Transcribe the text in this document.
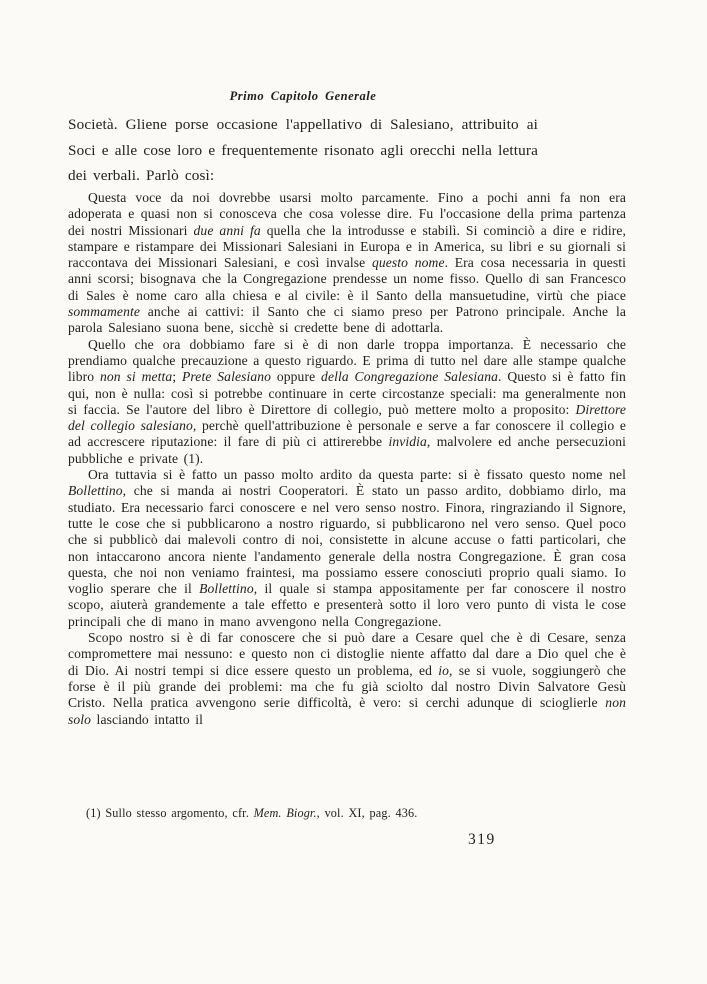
Primo Capitolo Generale
Società. Gliene porse occasione l'appellativo di Salesiano, attribuito ai Soci e alle cose loro e frequentemente risonato agli orecchi nella lettura dei verbali. Parlò così:

Questa voce da noi dovrebbe usarsi molto parcamente. Fino a pochi anni fa non era adoperata e quasi non si conosceva che cosa volesse dire. Fu l'occasione della prima partenza dei nostri Missionari due anni fa quella che la introdusse e stabilì. Si cominciò a dire e ridire, stampare e ristampare dei Missionari Salesiani in Europa e in America, su libri e su giornali si raccontava dei Missionari Salesiani, e così invalse questo nome. Era cosa necessaria in questi anni scorsi; bisognava che la Congregazione prendesse un nome fisso. Quello di san Francesco di Sales è nome caro alla chiesa e al civile: è il Santo della mansuetudine, virtù che piace sommamente anche ai cattivi: il Santo che ci siamo preso per Patrono principale. Anche la parola Salesiano suona bene, sicchè si credette bene di adottarla.

Quello che ora dobbiamo fare si è di non darle troppa importanza. È necessario che prendiamo qualche precauzione a questo riguardo. E prima di tutto nel dare alle stampe qualche libro non si metta; Prete Salesiano oppure della Congregazione Salesiana. Questo si è fatto fin qui, non è nulla: così si potrebbe continuare in certe circostanze speciali: ma generalmente non si faccia. Se l'autore del libro è Direttore di collegio, può mettere molto a proposito: Direttore del collegio salesiano, perchè quell'attribuzione è personale e serve a far conoscere il collegio e ad accrescere riputazione: il fare di più ci attirerebbe invidia, malvolere ed anche persecuzioni pubbliche e private (1).

Ora tuttavia si è fatto un passo molto ardito da questa parte: si è fissato questo nome nel Bollettino, che si manda ai nostri Cooperatori. È stato un passo ardito, dobbiamo dirlo, ma studiato. Era necessario farci conoscere e nel vero senso nostro. Finora, ringraziando il Signore, tutte le cose che si pubblicarono a nostro riguardo, si pubblicarono nel vero senso. Quel poco che si pubblicò dai malevoli contro di noi, consistette in alcune accuse o fatti particolari, che non intaccarono ancora niente l'andamento generale della nostra Congregazione. È gran cosa questa, che noi non veniamo fraintesi, ma possiamo essere conosciuti proprio quali siamo. Io voglio sperare che il Bollettino, il quale si stampa appositamente per far conoscere il nostro scopo, aiuterà grandemente a tale effetto e presenterà sotto il loro vero punto di vista le cose principali che di mano in mano avvengono nella Congregazione.

Scopo nostro si è di far conoscere che si può dare a Cesare quel che è di Cesare, senza compromettere mai nessuno: e questo non ci distoglie niente affatto dal dare a Dio quel che è di Dio. Ai nostri tempi si dice essere questo un problema, ed io, se si vuole, soggiungerò che forse è il più grande dei problemi: ma che fu già sciolto dal nostro Divin Salvatore Gesù Cristo. Nella pratica avvengono serie difficoltà, è vero: si cerchi adunque di scioglierle non solo lasciando intatto il

(1) Sullo stesso argomento, cfr. Mem. Biogr., vol. XI, pag. 436.
319
